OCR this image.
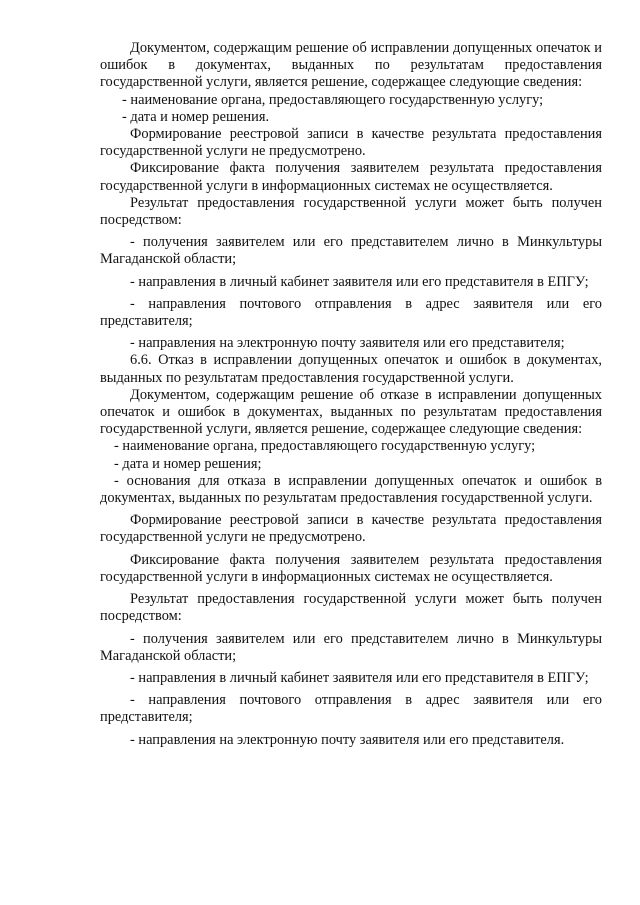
Документом, содержащим решение об исправлении допущенных опечаток и ошибок в документах, выданных по результатам предоставления государственной услуги, является решение, содержащее следующие сведения:

- наименование органа, предоставляющего государственную услугу;

- дата и номер решения.

Формирование реестровой записи в качестве результата предоставления государственной услуги не предусмотрено.

Фиксирование факта получения заявителем результата предоставления государственной услуги в информационных системах не осуществляется.

Результат предоставления государственной услуги может быть получен посредством:

- получения заявителем или его представителем лично в Минкультуры Магаданской области;

- направления в личный кабинет заявителя или его представителя в ЕПГУ;

- направления почтового отправления в адрес заявителя или его представителя;

- направления на электронную почту заявителя или его представителя;

6.6. Отказ в исправлении допущенных опечаток и ошибок в документах, выданных по результатам предоставления государственной услуги.

Документом, содержащим решение об отказе в исправлении допущенных опечаток и ошибок в документах, выданных по результатам предоставления государственной услуги, является решение, содержащее следующие сведения:

- наименование органа, предоставляющего государственную услугу;

- дата и номер решения;

- основания для отказа в исправлении допущенных опечаток и ошибок в документах, выданных по результатам предоставления государственной услуги.

Формирование реестровой записи в качестве результата предоставления государственной услуги не предусмотрено.

Фиксирование факта получения заявителем результата предоставления государственной услуги в информационных системах не осуществляется.

Результат предоставления государственной услуги может быть получен посредством:

- получения заявителем или его представителем лично в Минкультуры Магаданской области;

- направления в личный кабинет заявителя или его представителя в ЕПГУ;

- направления почтового отправления в адрес заявителя или его представителя;

- направления на электронную почту заявителя или его представителя.
